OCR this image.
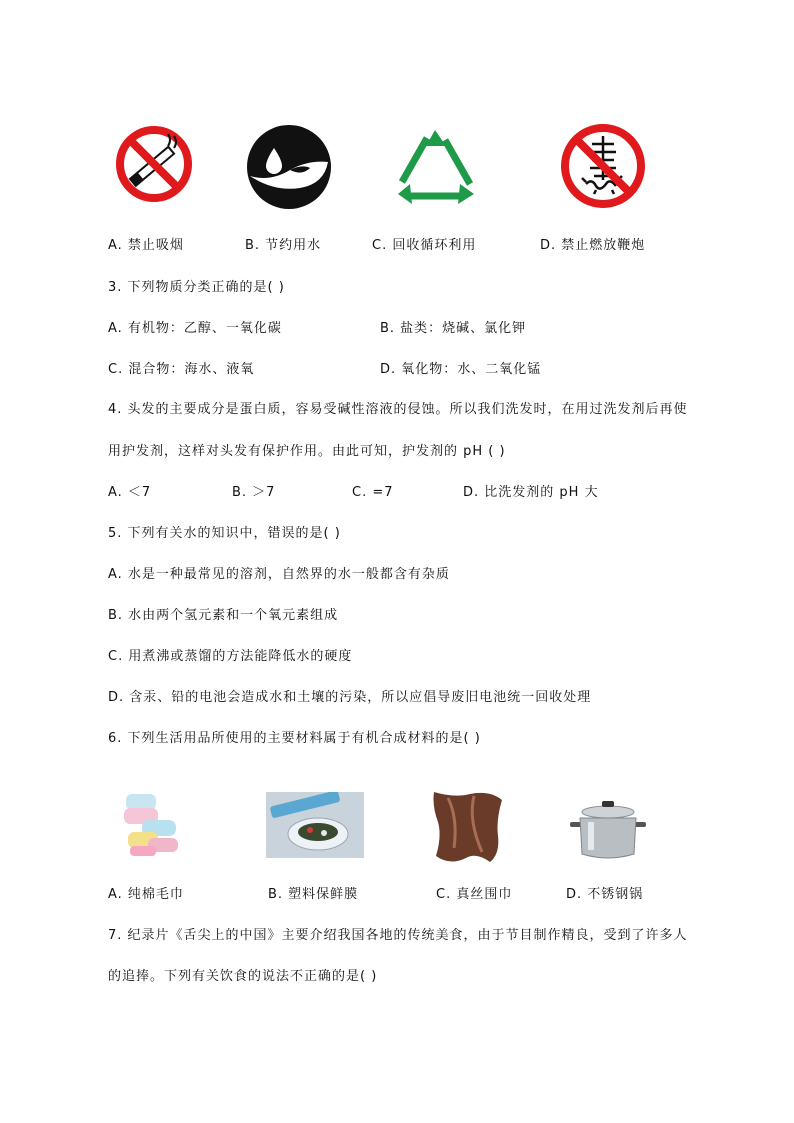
A. 禁止吸烟	B. 节约用水	C. 回收循环利用	D. 禁止燃放鞭炮
3. 下列物质分类正确的是( )
A. 有机物：乙醇、一氧化碳	B. 盐类：烧碱、氯化钾
C. 混合物：海水、液氧	D. 氧化物：水、二氧化锰
4. 头发的主要成分是蛋白质，容易受碱性溶液的侵蚀。所以我们洗发时，在用过洗发剂后再使
用护发剂，这样对头发有保护作用。由此可知，护发剂的 pH ( )
A. ＜7	B. ＞7	C. =7	D. 比洗发剂的 pH 大
5. 下列有关水的知识中，错误的是( )
A. 水是一种最常见的溶剂，自然界的水一般都含有杂质
B. 水由两个氢元素和一个氧元素组成
C. 用煮沸或蒸馏的方法能降低水的硬度
D. 含汞、铅的电池会造成水和土壤的污染，所以应倡导废旧电池统一回收处理
6. 下列生活用品所使用的主要材料属于有机合成材料的是( )
A. 纯棉毛巾	B. 塑料保鲜膜	C. 真丝围巾	D. 不锈钢锅
7. 纪录片《舌尖上的中国》主要介绍我国各地的传统美食，由于节目制作精良，受到了许多人
的追捧。下列有关饮食的说法不正确的是( )
